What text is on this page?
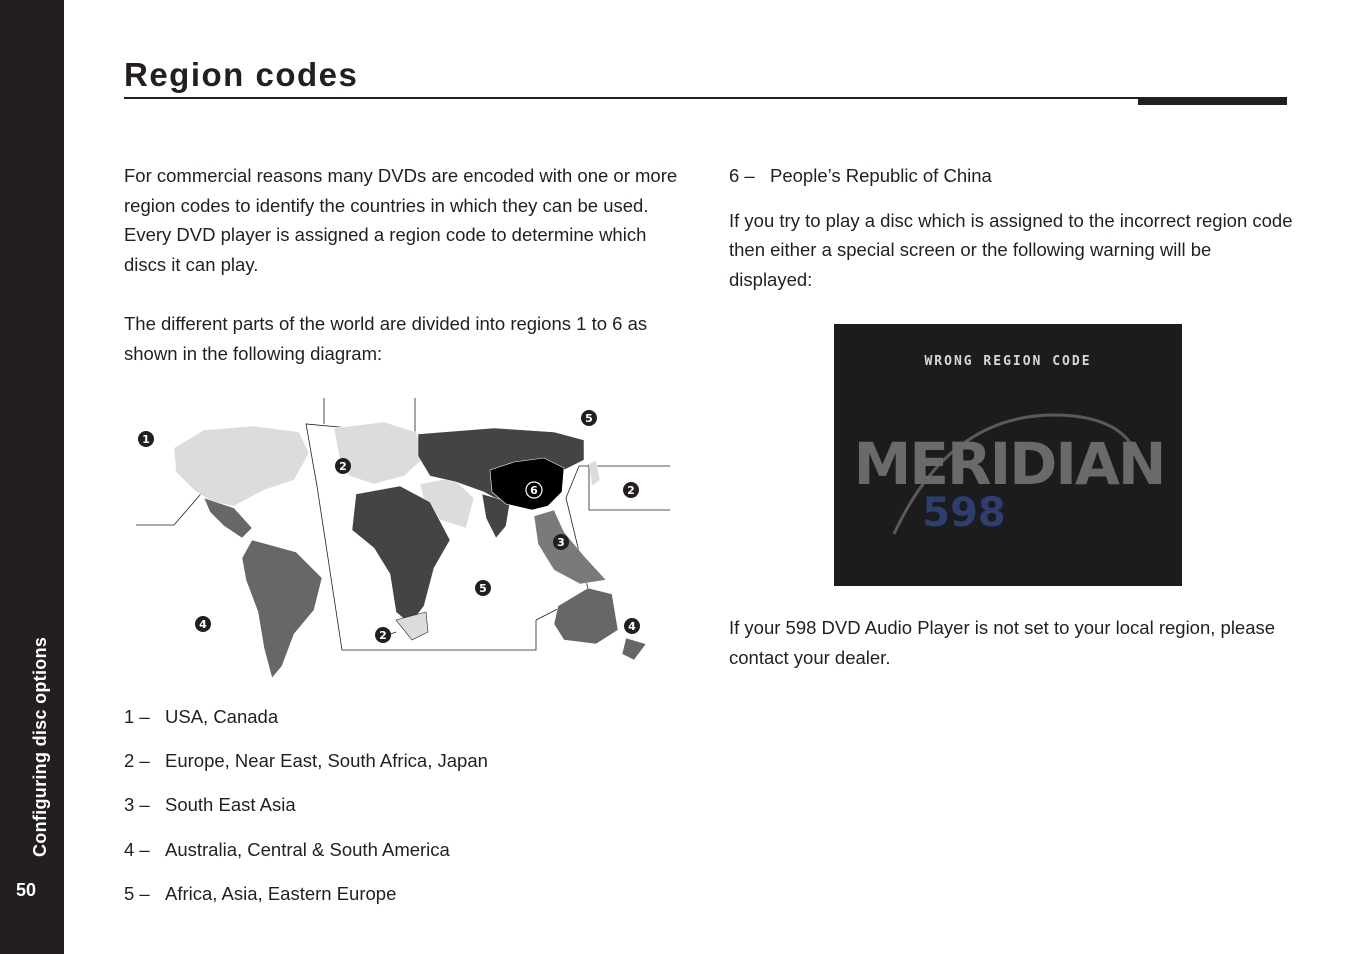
Configuring disc options
50
Region codes

For commercial reasons many DVDs are encoded with one or more region codes to identify the countries in which they can be used. Every DVD player is assigned a region code to determine which discs it can play.

The different parts of the world are divided into regions 1 to 6 as shown in the following diagram:

1
2
5
6	2
3
5
4
2
4
1 – USA, Canada
2 – Europe, Near East, South Africa, Japan
3 – South East Asia
4 – Australia, Central & South America
5 – Africa, Asia, Eastern Europe

6 – People’s Republic of China

If you try to play a disc which is assigned to the incorrect region code then either a special screen or the following warning will be displayed:

WRONG REGION CODE
MERIDIAN
598

If your 598 DVD Audio Player is not set to your local region, please contact your dealer.
